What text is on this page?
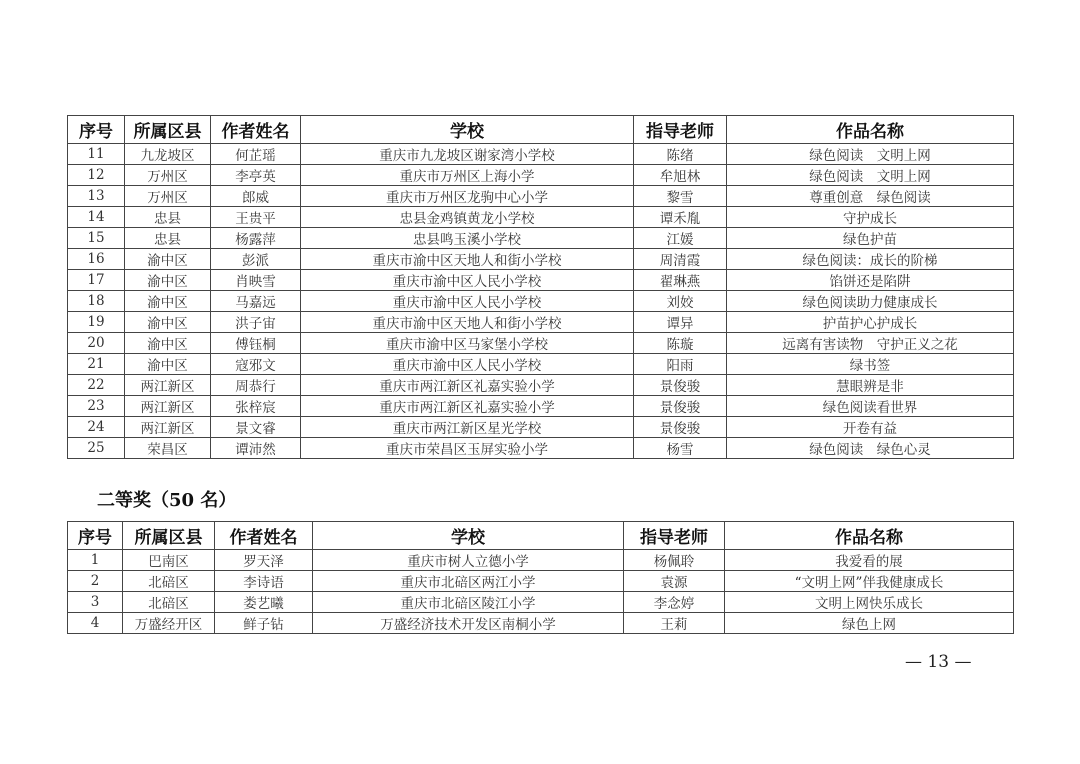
序号	所属区县	作者姓名	学校	指导老师	作品名称
11	九龙坡区	何芷瑶	重庆市九龙坡区谢家湾小学校	陈绪	绿色阅读　文明上网
12	万州区	李亭英	重庆市万州区上海小学	牟旭林	绿色阅读　文明上网
13	万州区	郎威	重庆市万州区龙驹中心小学	黎雪	尊重创意　绿色阅读
14	忠县	王贵平	忠县金鸡镇黄龙小学校	谭禾胤	守护成长
15	忠县	杨露萍	忠县鸣玉溪小学校	江媛	绿色护苗
16	渝中区	彭派	重庆市渝中区天地人和街小学校	周清霞	绿色阅读：成长的阶梯
17	渝中区	肖映雪	重庆市渝中区人民小学校	翟琳燕	馅饼还是陷阱
18	渝中区	马嘉远	重庆市渝中区人民小学校	刘姣	绿色阅读助力健康成长
19	渝中区	洪子宙	重庆市渝中区天地人和街小学校	谭异	护苗护心护成长
20	渝中区	傅钰桐	重庆市渝中区马家堡小学校	陈璇	远离有害读物　守护正义之花
21	渝中区	寇邪文	重庆市渝中区人民小学校	阳雨	绿书签
22	两江新区	周恭行	重庆市两江新区礼嘉实验小学	景俊骏	慧眼辨是非
23	两江新区	张梓宸	重庆市两江新区礼嘉实验小学	景俊骏	绿色阅读看世界
24	两江新区	景文睿	重庆市两江新区星光学校	景俊骏	开卷有益
25	荣昌区	谭沛然	重庆市荣昌区玉屏实验小学	杨雪	绿色阅读　绿色心灵
二等奖（50 名）
序号	所属区县	作者姓名	学校	指导老师	作品名称
1	巴南区	罗天泽	重庆市树人立德小学	杨佩聆	我爱看的展
2	北碚区	李诗语	重庆市北碚区两江小学	袁源	“文明上网”伴我健康成长
3	北碚区	娄艺曦	重庆市北碚区陵江小学	李念婷	文明上网快乐成长
4	万盛经开区	鲜子钻	万盛经济技术开发区南桐小学	王莉	绿色上网
— 13 —
